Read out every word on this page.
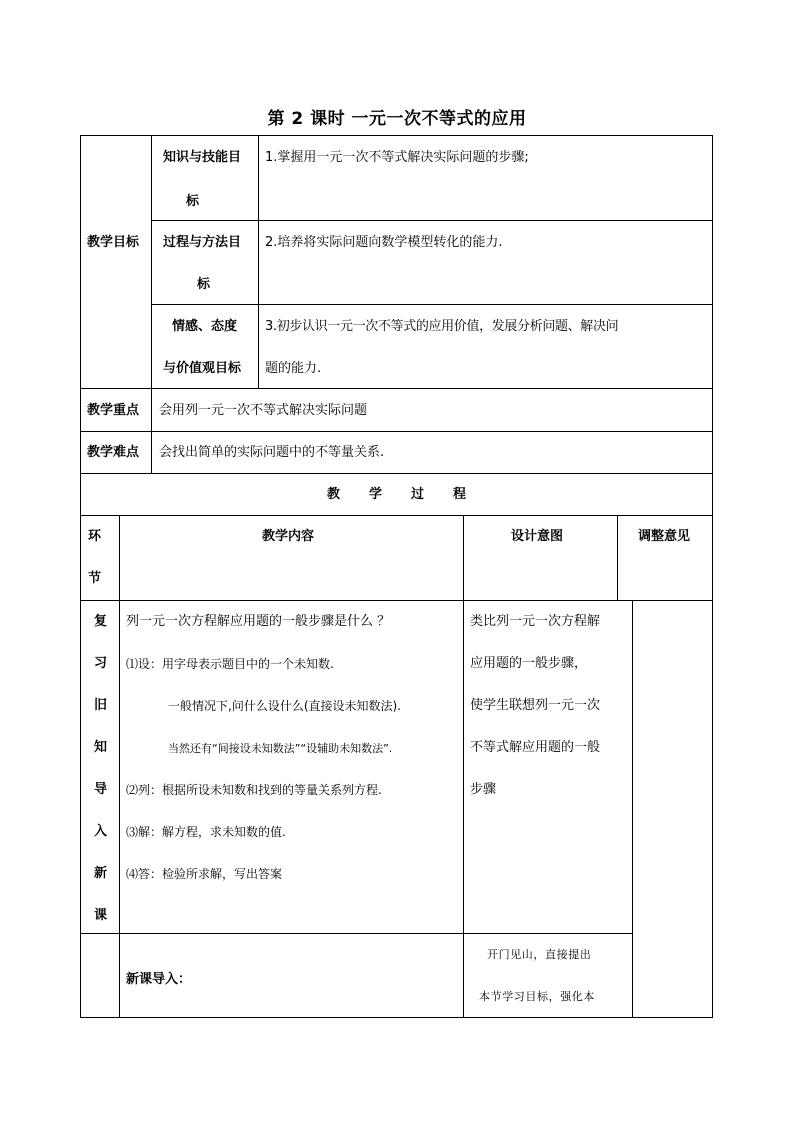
第 2 课时 一元一次不等式的应用
教学目标
知识与技能目
标
1.掌握用一元一次不等式解决实际问题的步骤;
过程与方法目
标
2.培养将实际问题向数学模型转化的能力.
情感、态度
与价值观目标
3.初步认识一元一次不等式的应用价值，发展分析问题、解决问
题的能力.
教学重点 会用列一元一次不等式解决实际问题
教学难点 会找出简单的实际问题中的不等量关系.
教 学 过 程
环
节
教学内容	设计意图	调整意见
复
习
旧
知
导
入
新
课
列一元一次方程解应用题的一般步骤是什么 ？
⑴设：用字母表示题目中的一个未知数.
一般情况下,问什么设什么(直接设未知数法).
当然还有“间接设未知数法”“设辅助未知数法”.
⑵列：根据所设未知数和找到的等量关系列方程.
⑶解：解方程，求未知数的值.
⑷答：检验所求解，写出答案
类比列一元一次方程解
应用题的一般步骤，
使学生联想列一元一次
不等式解应用题的一般
步骤
新课导入：
开门见山，直接提出
本节学习目标，强化本
